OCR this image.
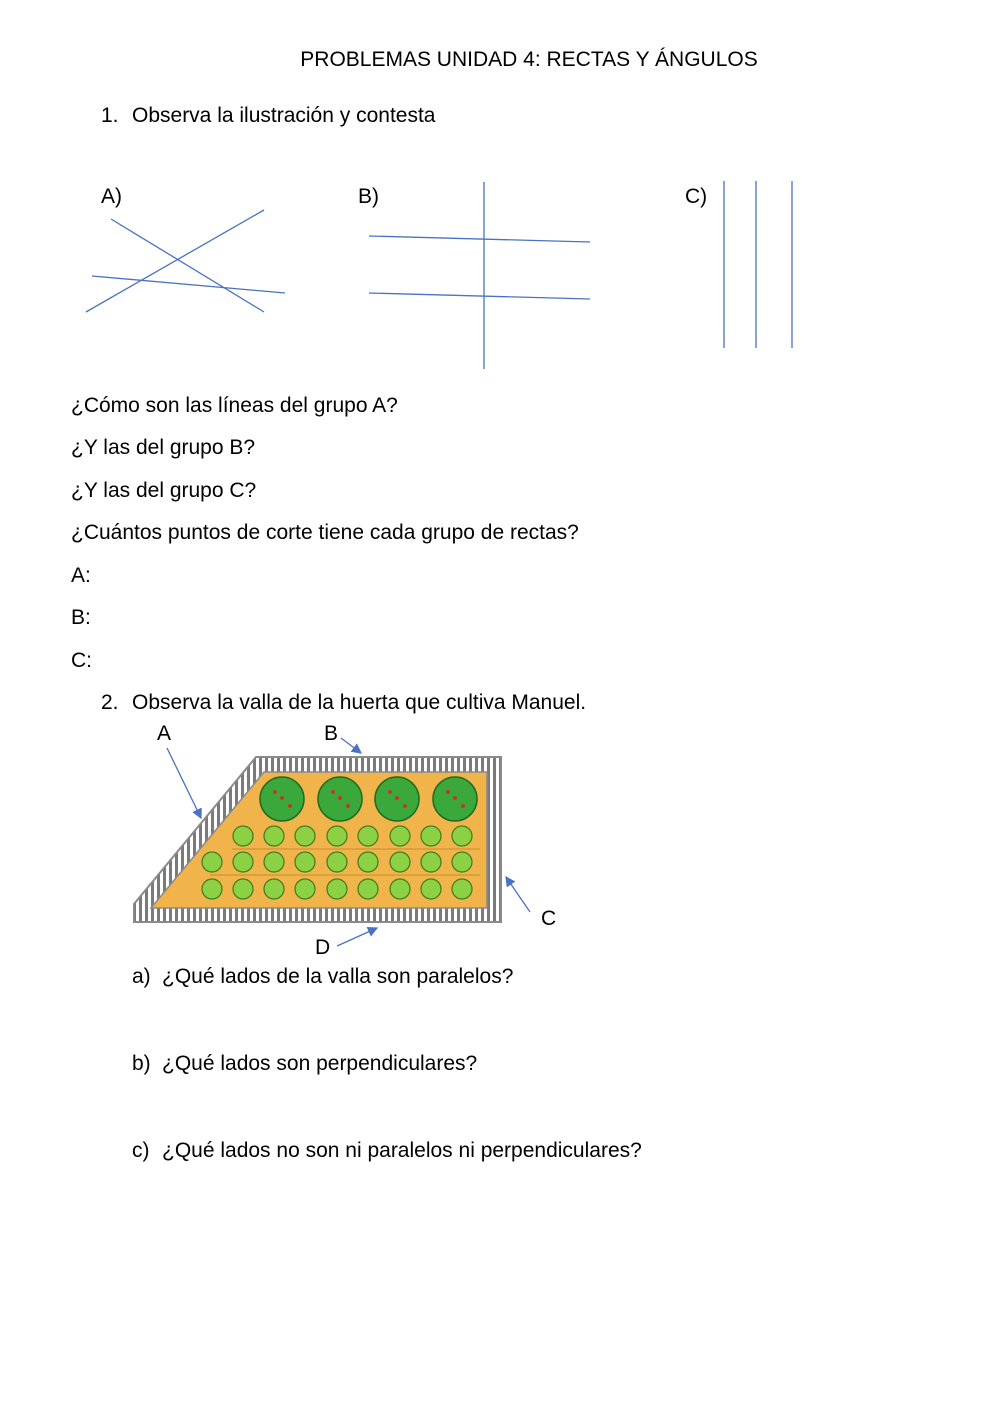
PROBLEMAS UNIDAD 4: RECTAS Y ÁNGULOS
1. Observa la ilustración y contesta
A)	B)	C)
A	B
C
D
¿Cómo son las líneas del grupo A?
¿Y las del grupo B?
¿Y las del grupo C?
¿Cuántos puntos de corte tiene cada grupo de rectas?
A:
B:
C:
2. Observa la valla de la huerta que cultiva Manuel.
a) ¿Qué lados de la valla son paralelos?
b) ¿Qué lados son perpendiculares?
c) ¿Qué lados no son ni paralelos ni perpendiculares?
